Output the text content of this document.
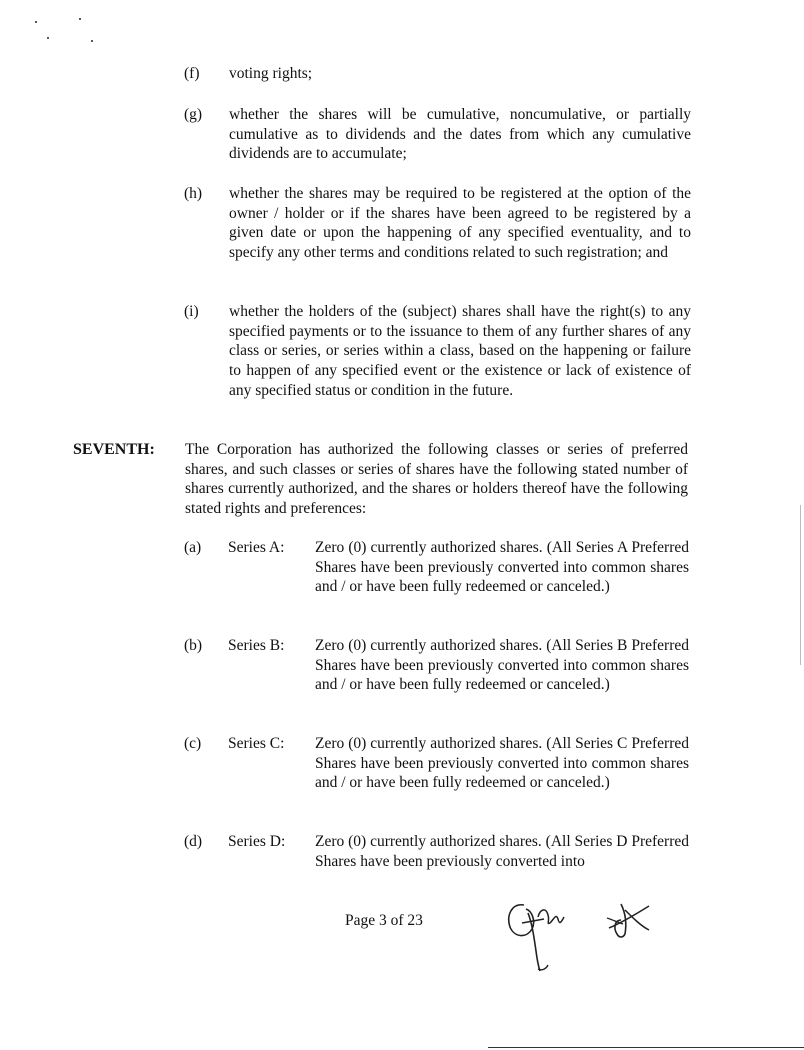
(f) voting rights;
(g) whether the shares will be cumulative, noncumulative, or partially cumulative as to dividends and the dates from which any cumulative dividends are to accumulate;
(h) whether the shares may be required to be registered at the option of the owner / holder or if the shares have been agreed to be registered by a given date or upon the happening of any specified eventuality, and to specify any other terms and conditions related to such registration; and
(i) whether the holders of the (subject) shares shall have the right(s) to any specified payments or to the issuance to them of any further shares of any class or series, or series within a class, based on the happening or failure to happen of any specified event or the existence or lack of existence of any specified status or condition in the future.
SEVENTH: The Corporation has authorized the following classes or series of preferred shares, and such classes or series of shares have the following stated number of shares currently authorized, and the shares or holders thereof have the following stated rights and preferences:
(a) Series A: Zero (0) currently authorized shares. (All Series A Preferred Shares have been previously converted into common shares and / or have been fully redeemed or canceled.)
(b) Series B: Zero (0) currently authorized shares. (All Series B Preferred Shares have been previously converted into common shares and / or have been fully redeemed or canceled.)
(c) Series C: Zero (0) currently authorized shares. (All Series C Preferred Shares have been previously converted into common shares and / or have been fully redeemed or canceled.)
(d) Series D: Zero (0) currently authorized shares. (All Series D Preferred Shares have been previously converted into
Page 3 of 23
